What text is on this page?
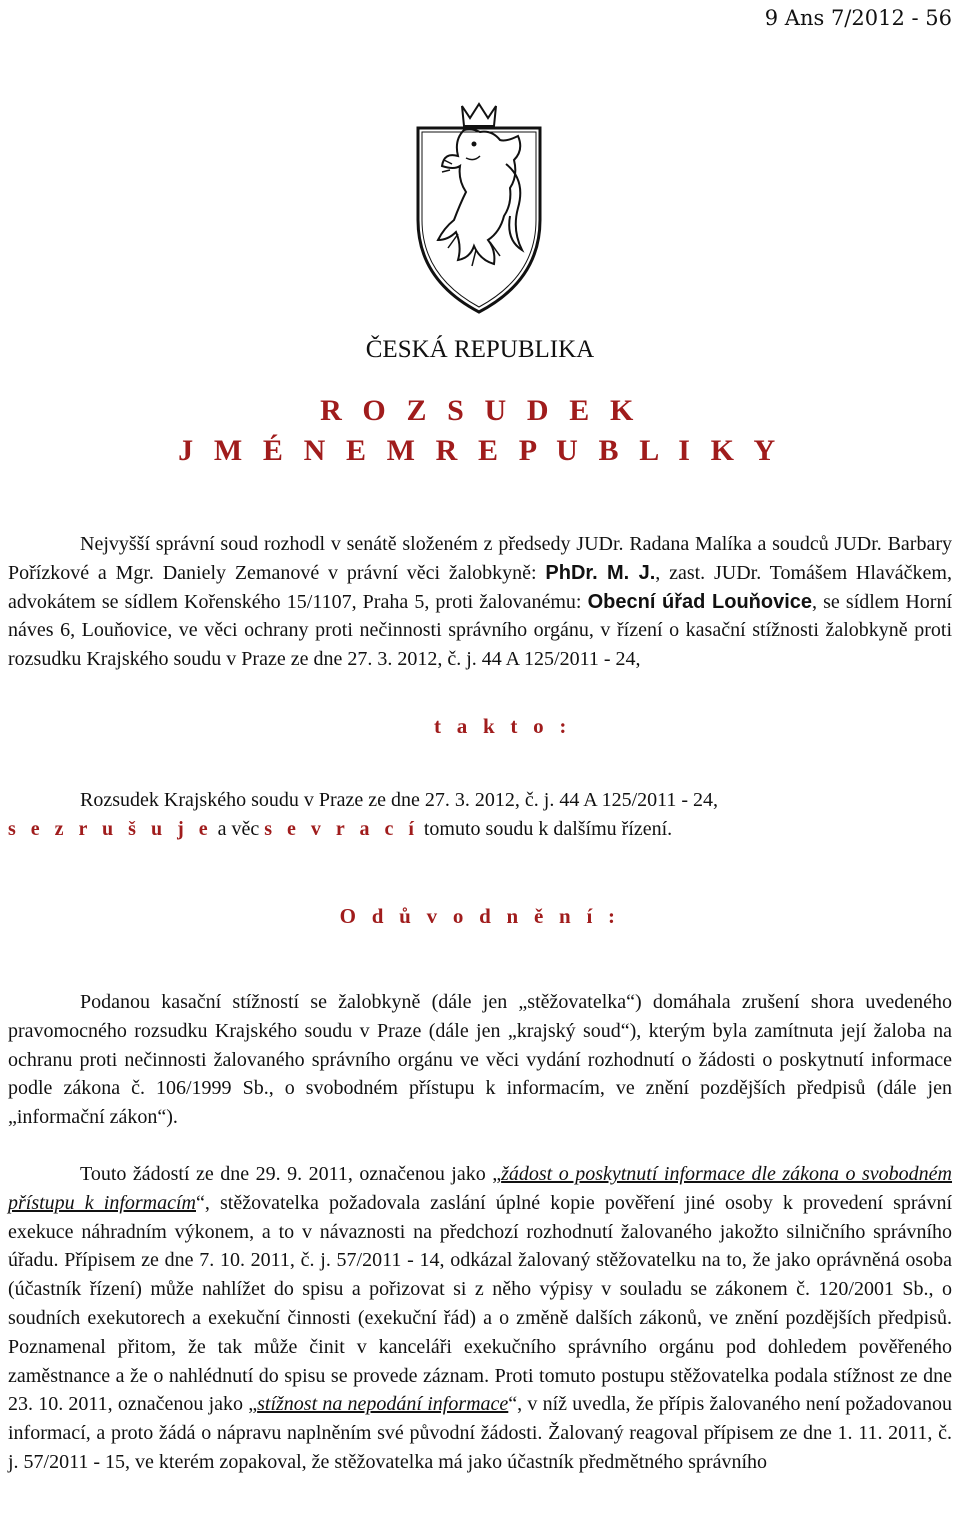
9 Ans 7/2012 - 56
ČESKÁ REPUBLIKA
R O Z S U D E K
J M É N E M R E P U B L I K Y

Nejvyšší správní soud rozhodl v senátě složeném z předsedy JUDr. Radana Malíka a soudců JUDr. Barbary Pořízkové a Mgr. Daniely Zemanové v právní věci žalobkyně: PhDr. M. J., zast. JUDr. Tomášem Hlaváčkem, advokátem se sídlem Kořenského 15/1107, Praha 5, proti žalovanému: Obecní úřad Louňovice, se sídlem Horní náves 6, Louňovice, ve věci ochrany proti nečinnosti správního orgánu, v řízení o kasační stížnosti žalobkyně proti rozsudku Krajského soudu v Praze ze dne 27. 3. 2012, č. j. 44 A 125/2011 - 24,

t a k t o :

Rozsudek Krajského soudu v Praze ze dne 27. 3. 2012, č. j. 44 A 125/2011 - 24,
s e z r u š u j e a věc s e v r a c í tomuto soudu k dalšímu řízení.

O d ů v o d n ě n í :

Podanou kasační stížností se žalobkyně (dále jen „stěžovatelka“) domáhala zrušení shora uvedeného pravomocného rozsudku Krajského soudu v Praze (dále jen „krajský soud“), kterým byla zamítnuta její žaloba na ochranu proti nečinnosti žalovaného správního orgánu ve věci vydání rozhodnutí o žádosti o poskytnutí informace podle zákona č. 106/1999 Sb., o svobodném přístupu k informacím, ve znění pozdějších předpisů (dále jen „informační zákon“).

Touto žádostí ze dne 29. 9. 2011, označenou jako „žádost o poskytnutí informace dle zákona o svobodném přístupu k informacím“, stěžovatelka požadovala zaslání úplné kopie pověření jiné osoby k provedení správní exekuce náhradním výkonem, a to v návaznosti na předchozí rozhodnutí žalovaného jakožto silničního správního úřadu. Přípisem ze dne 7. 10. 2011, č. j. 57/2011 - 14, odkázal žalovaný stěžovatelku na to, že jako oprávněná osoba (účastník řízení) může nahlížet do spisu a pořizovat si z něho výpisy v souladu se zákonem č. 120/2001 Sb., o soudních exekutorech a exekuční činnosti (exekuční řád) a o změně dalších zákonů, ve znění pozdějších předpisů. Poznamenal přitom, že tak může činit v kanceláři exekučního správního orgánu pod dohledem pověřeného zaměstnance a že o nahlédnutí do spisu se provede záznam. Proti tomuto postupu stěžovatelka podala stížnost ze dne 23. 10. 2011, označenou jako „stížnost na nepodání informace“, v níž uvedla, že přípis žalovaného není požadovanou informací, a proto žádá o nápravu naplněním své původní žádosti. Žalovaný reagoval přípisem ze dne 1. 11. 2011, č. j. 57/2011 - 15, ve kterém zopakoval, že stěžovatelka má jako účastník předmětného správního
